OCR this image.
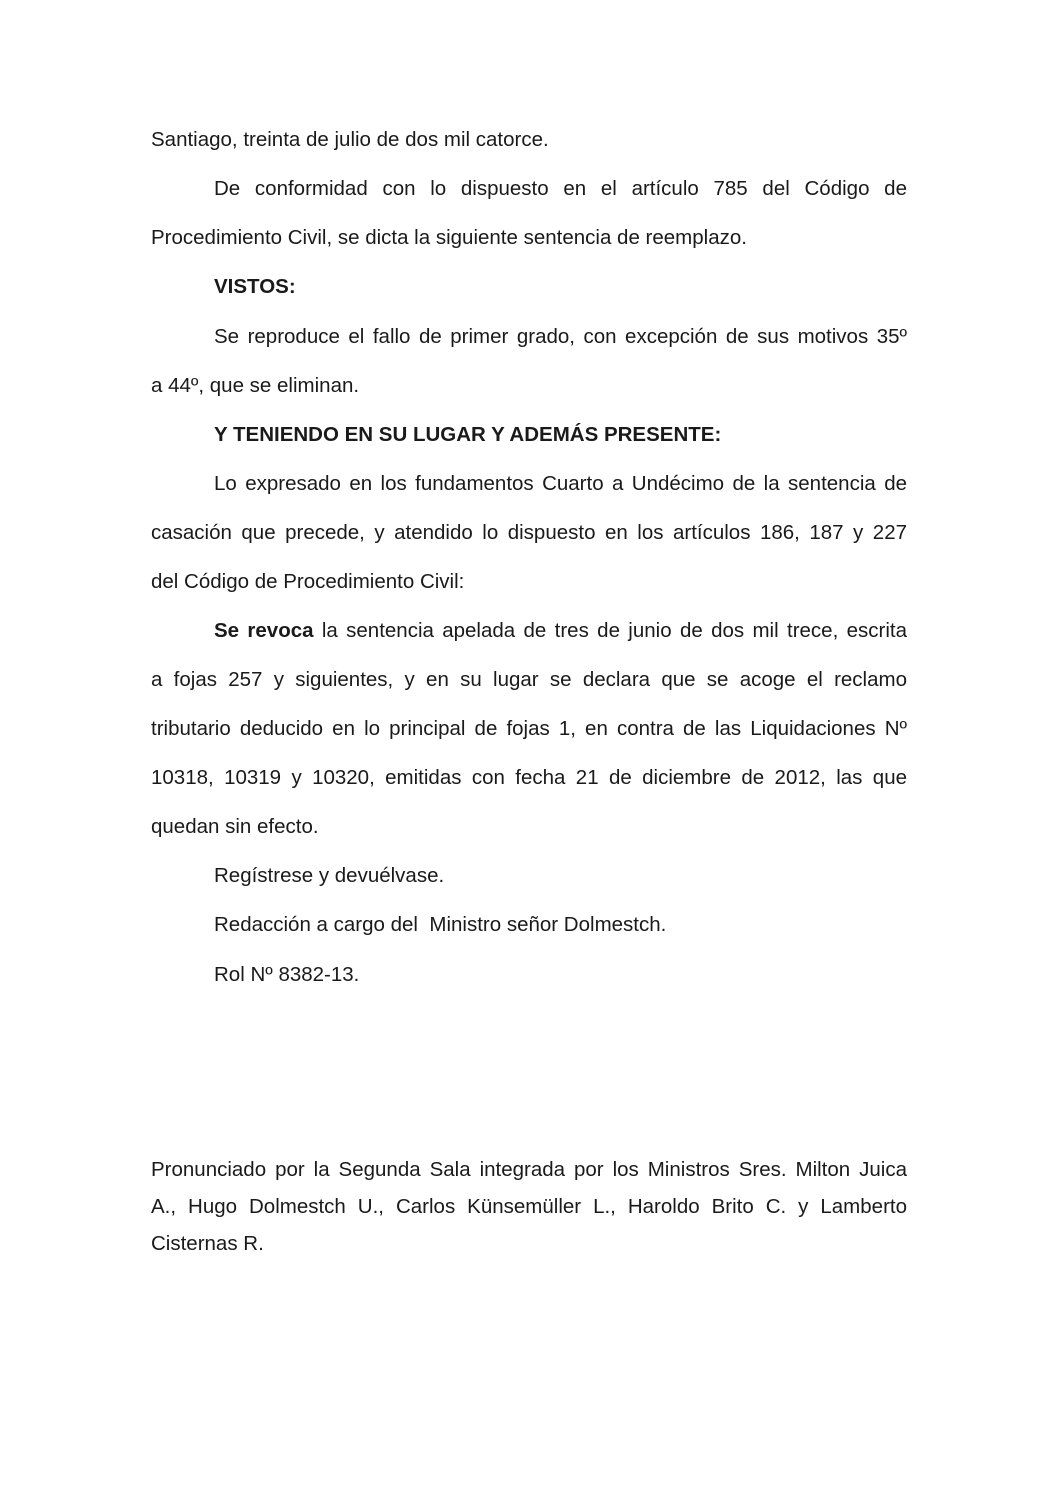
Santiago, treinta de julio de dos mil catorce.
De conformidad con lo dispuesto en el artículo 785 del Código de
Procedimiento Civil, se dicta la siguiente sentencia de reemplazo.
VISTOS:
Se reproduce el fallo de primer grado, con excepción de sus motivos 35º
a 44º, que se eliminan.
Y TENIENDO EN SU LUGAR Y ADEMÁS PRESENTE:
Lo expresado en los fundamentos Cuarto a Undécimo de la sentencia de
casación que precede, y atendido lo dispuesto en los artículos 186, 187 y 227
del Código de Procedimiento Civil:
Se revoca la sentencia apelada de tres de junio de dos mil trece, escrita
a fojas 257 y siguientes, y en su lugar se declara que se acoge el reclamo
tributario deducido en lo principal de fojas 1, en contra de las Liquidaciones Nº
10318, 10319 y 10320, emitidas con fecha 21 de diciembre de 2012, las que
quedan sin efecto.
Regístrese y devuélvase.
Redacción a cargo del  Ministro señor Dolmestch.
Rol Nº 8382-13.
Pronunciado por la Segunda Sala integrada por los Ministros Sres. Milton Juica
A., Hugo Dolmestch U., Carlos Künsemüller L., Haroldo Brito C. y Lamberto
Cisternas R.
